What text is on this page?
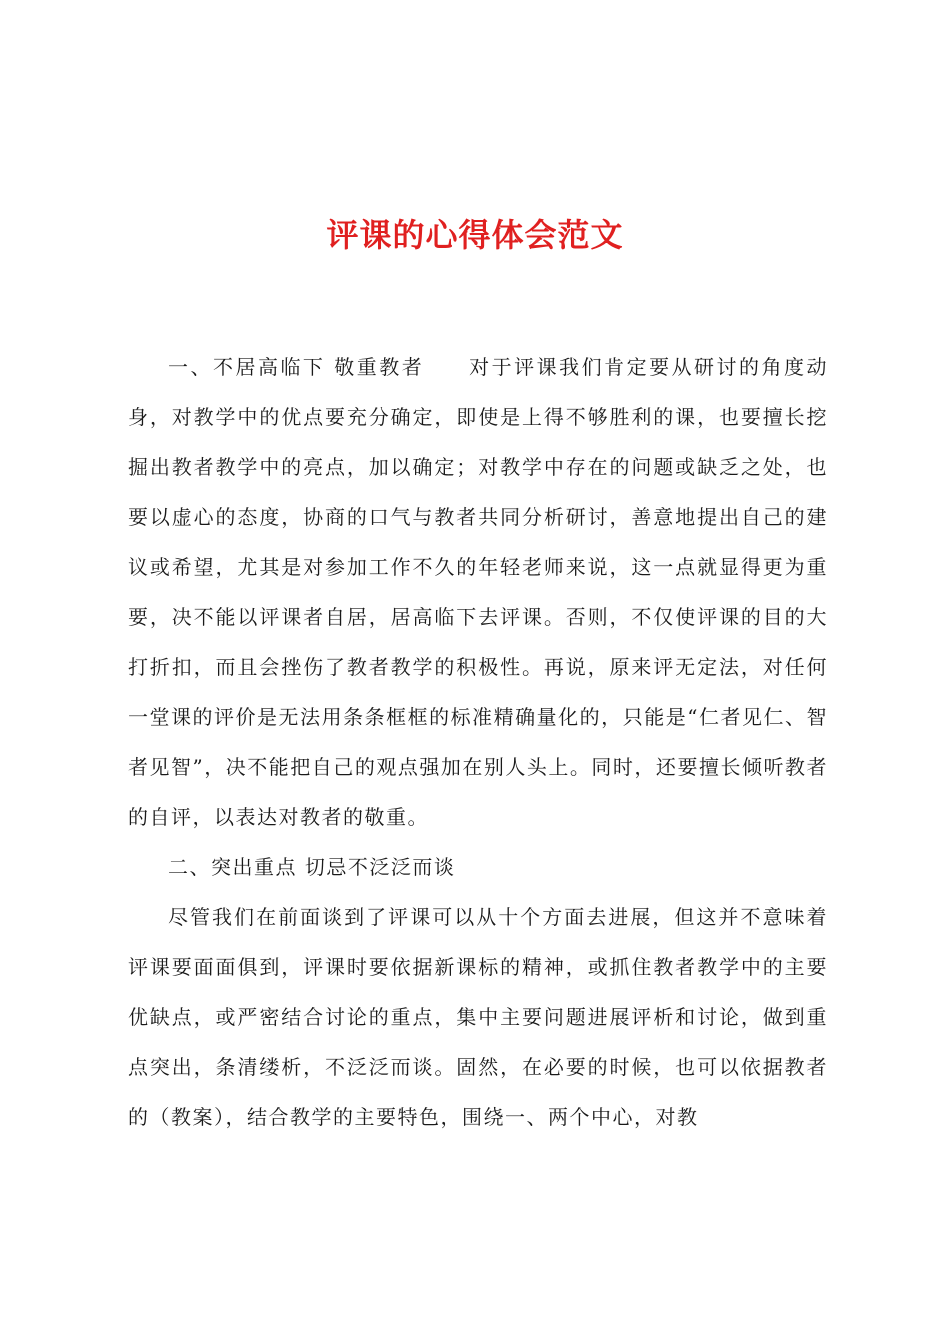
评课的心得体会范文

一、不居高临下 敬重教者　　对于评课我们肯定要从研讨的角度动身，对教学中的优点要充分确定，即使是上得不够胜利的课，也要擅长挖掘出教者教学中的亮点，加以确定；对教学中存在的问题或缺乏之处，也要以虚心的态度，协商的口气与教者共同分析研讨，善意地提出自己的建议或希望，尤其是对参加工作不久的年轻老师来说，这一点就显得更为重要，决不能以评课者自居，居高临下去评课。否则，不仅使评课的目的大打折扣，而且会挫伤了教者教学的积极性。再说，原来评无定法，对任何一堂课的评价是无法用条条框框的标准精确量化的，只能是“仁者见仁、智者见智”，决不能把自己的观点强加在别人头上。同时，还要擅长倾听教者的自评，以表达对教者的敬重。

二、突出重点 切忌不泛泛而谈

尽管我们在前面谈到了评课可以从十个方面去进展，但这并不意味着评课要面面俱到，评课时要依据新课标的精神，或抓住教者教学中的主要优缺点，或严密结合讨论的重点，集中主要问题进展评析和讨论，做到重点突出，条清缕析，不泛泛而谈。固然，在必要的时候，也可以依据教者的（教案），结合教学的主要特色，围绕一、两个中心，对教
